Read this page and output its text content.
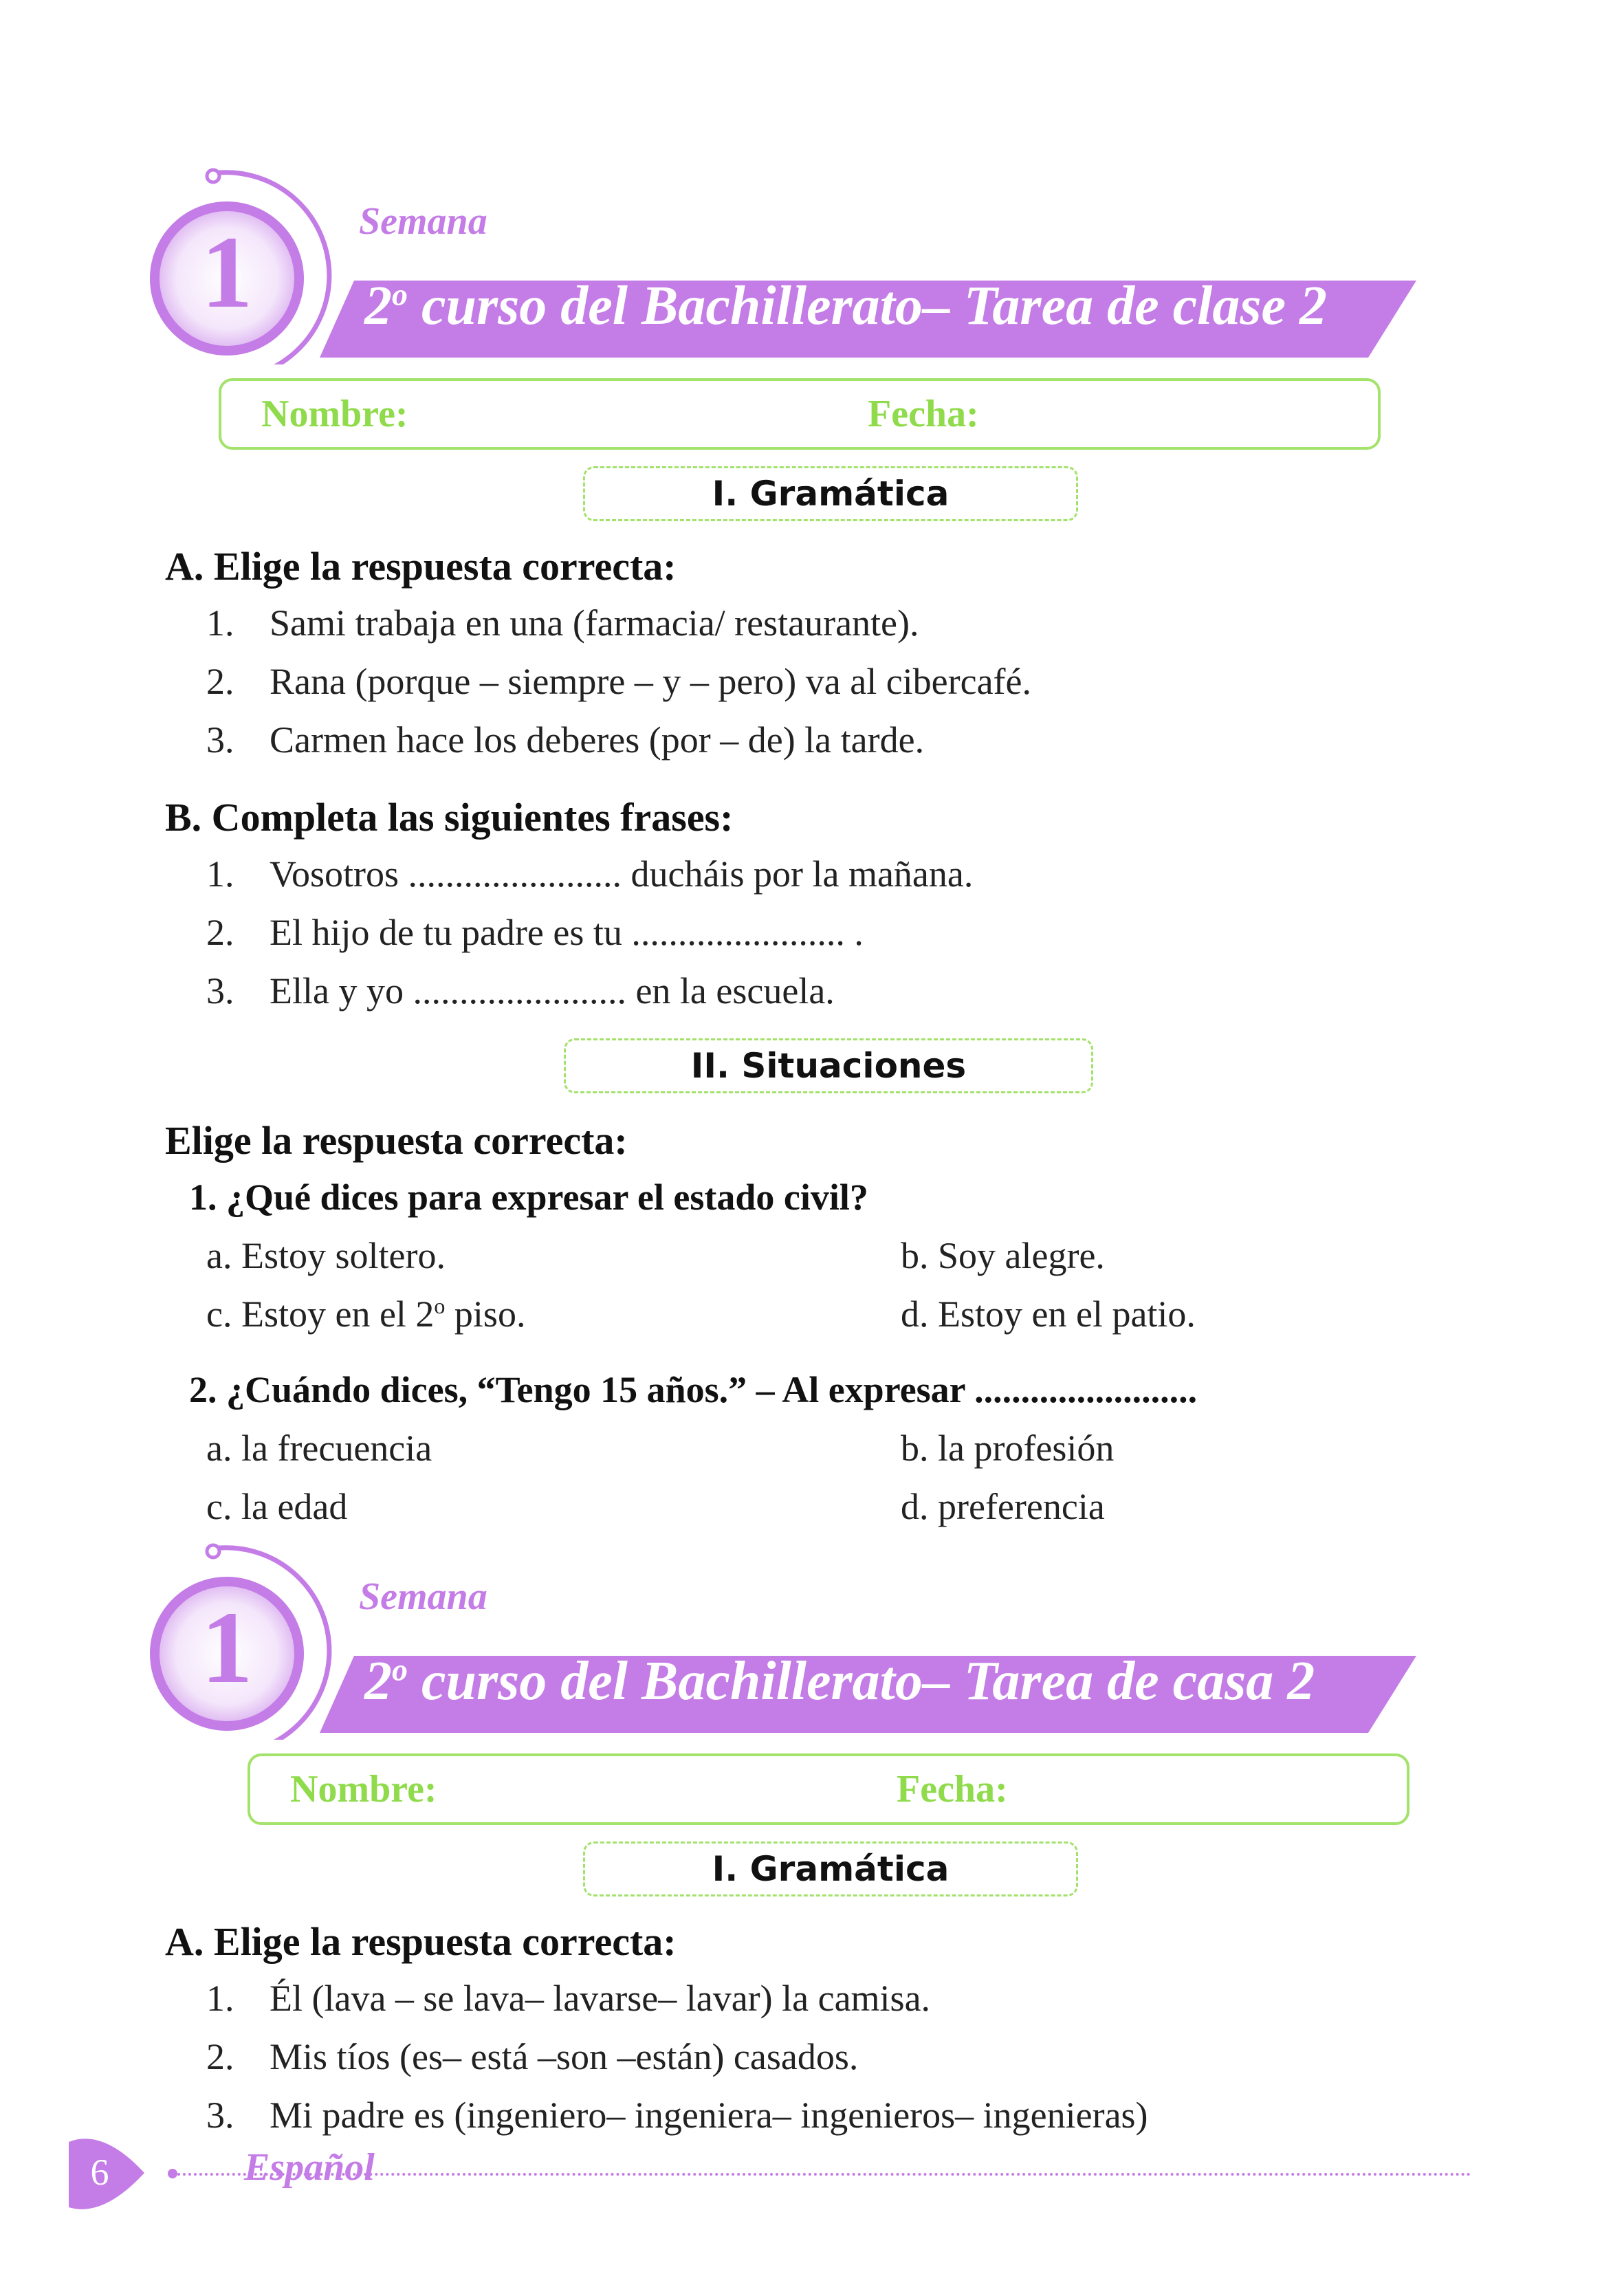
1	Semana
2$^o$ curso del Bachillerato– Tarea de clase 2
Nombre:	Fecha:
I. Gramática
A. Elige la respuesta correcta:
1. Sami trabaja en una (farmacia/ restaurante).
2. Rana (porque – siempre – y – pero) va al cibercafé.
3. Carmen hace los deberes (por – de) la tarde.
B. Completa las siguientes frases:
1. Vosotros ....................... ducháis por la mañana.
2. El hijo de tu padre es tu ....................... .
3. Ella y yo ....................... en la escuela.
II. Situaciones
Elige la respuesta correcta:
1. ¿Qué dices para expresar el estado civil?
a. Estoy soltero.	b. Soy alegre.
c. Estoy en el 2$^o$ piso.	d. Estoy en el patio.
2. ¿Cuándo dices, “Tengo 15 años.” – Al expresar ........................
a. la frecuencia	b. la profesión
c. la edad	d. preferencia
1	Semana
2$^o$ curso del Bachillerato– Tarea de casa 2
Nombre:	Fecha:
I. Gramática
A. Elige la respuesta correcta:
1. Él (lava – se lava– lavarse– lavar) la camisa.
2. Mis tíos (es– está –son –están) casados.
3. Mi padre es (ingeniero– ingeniera– ingenieros– ingenieras)
6	Español
